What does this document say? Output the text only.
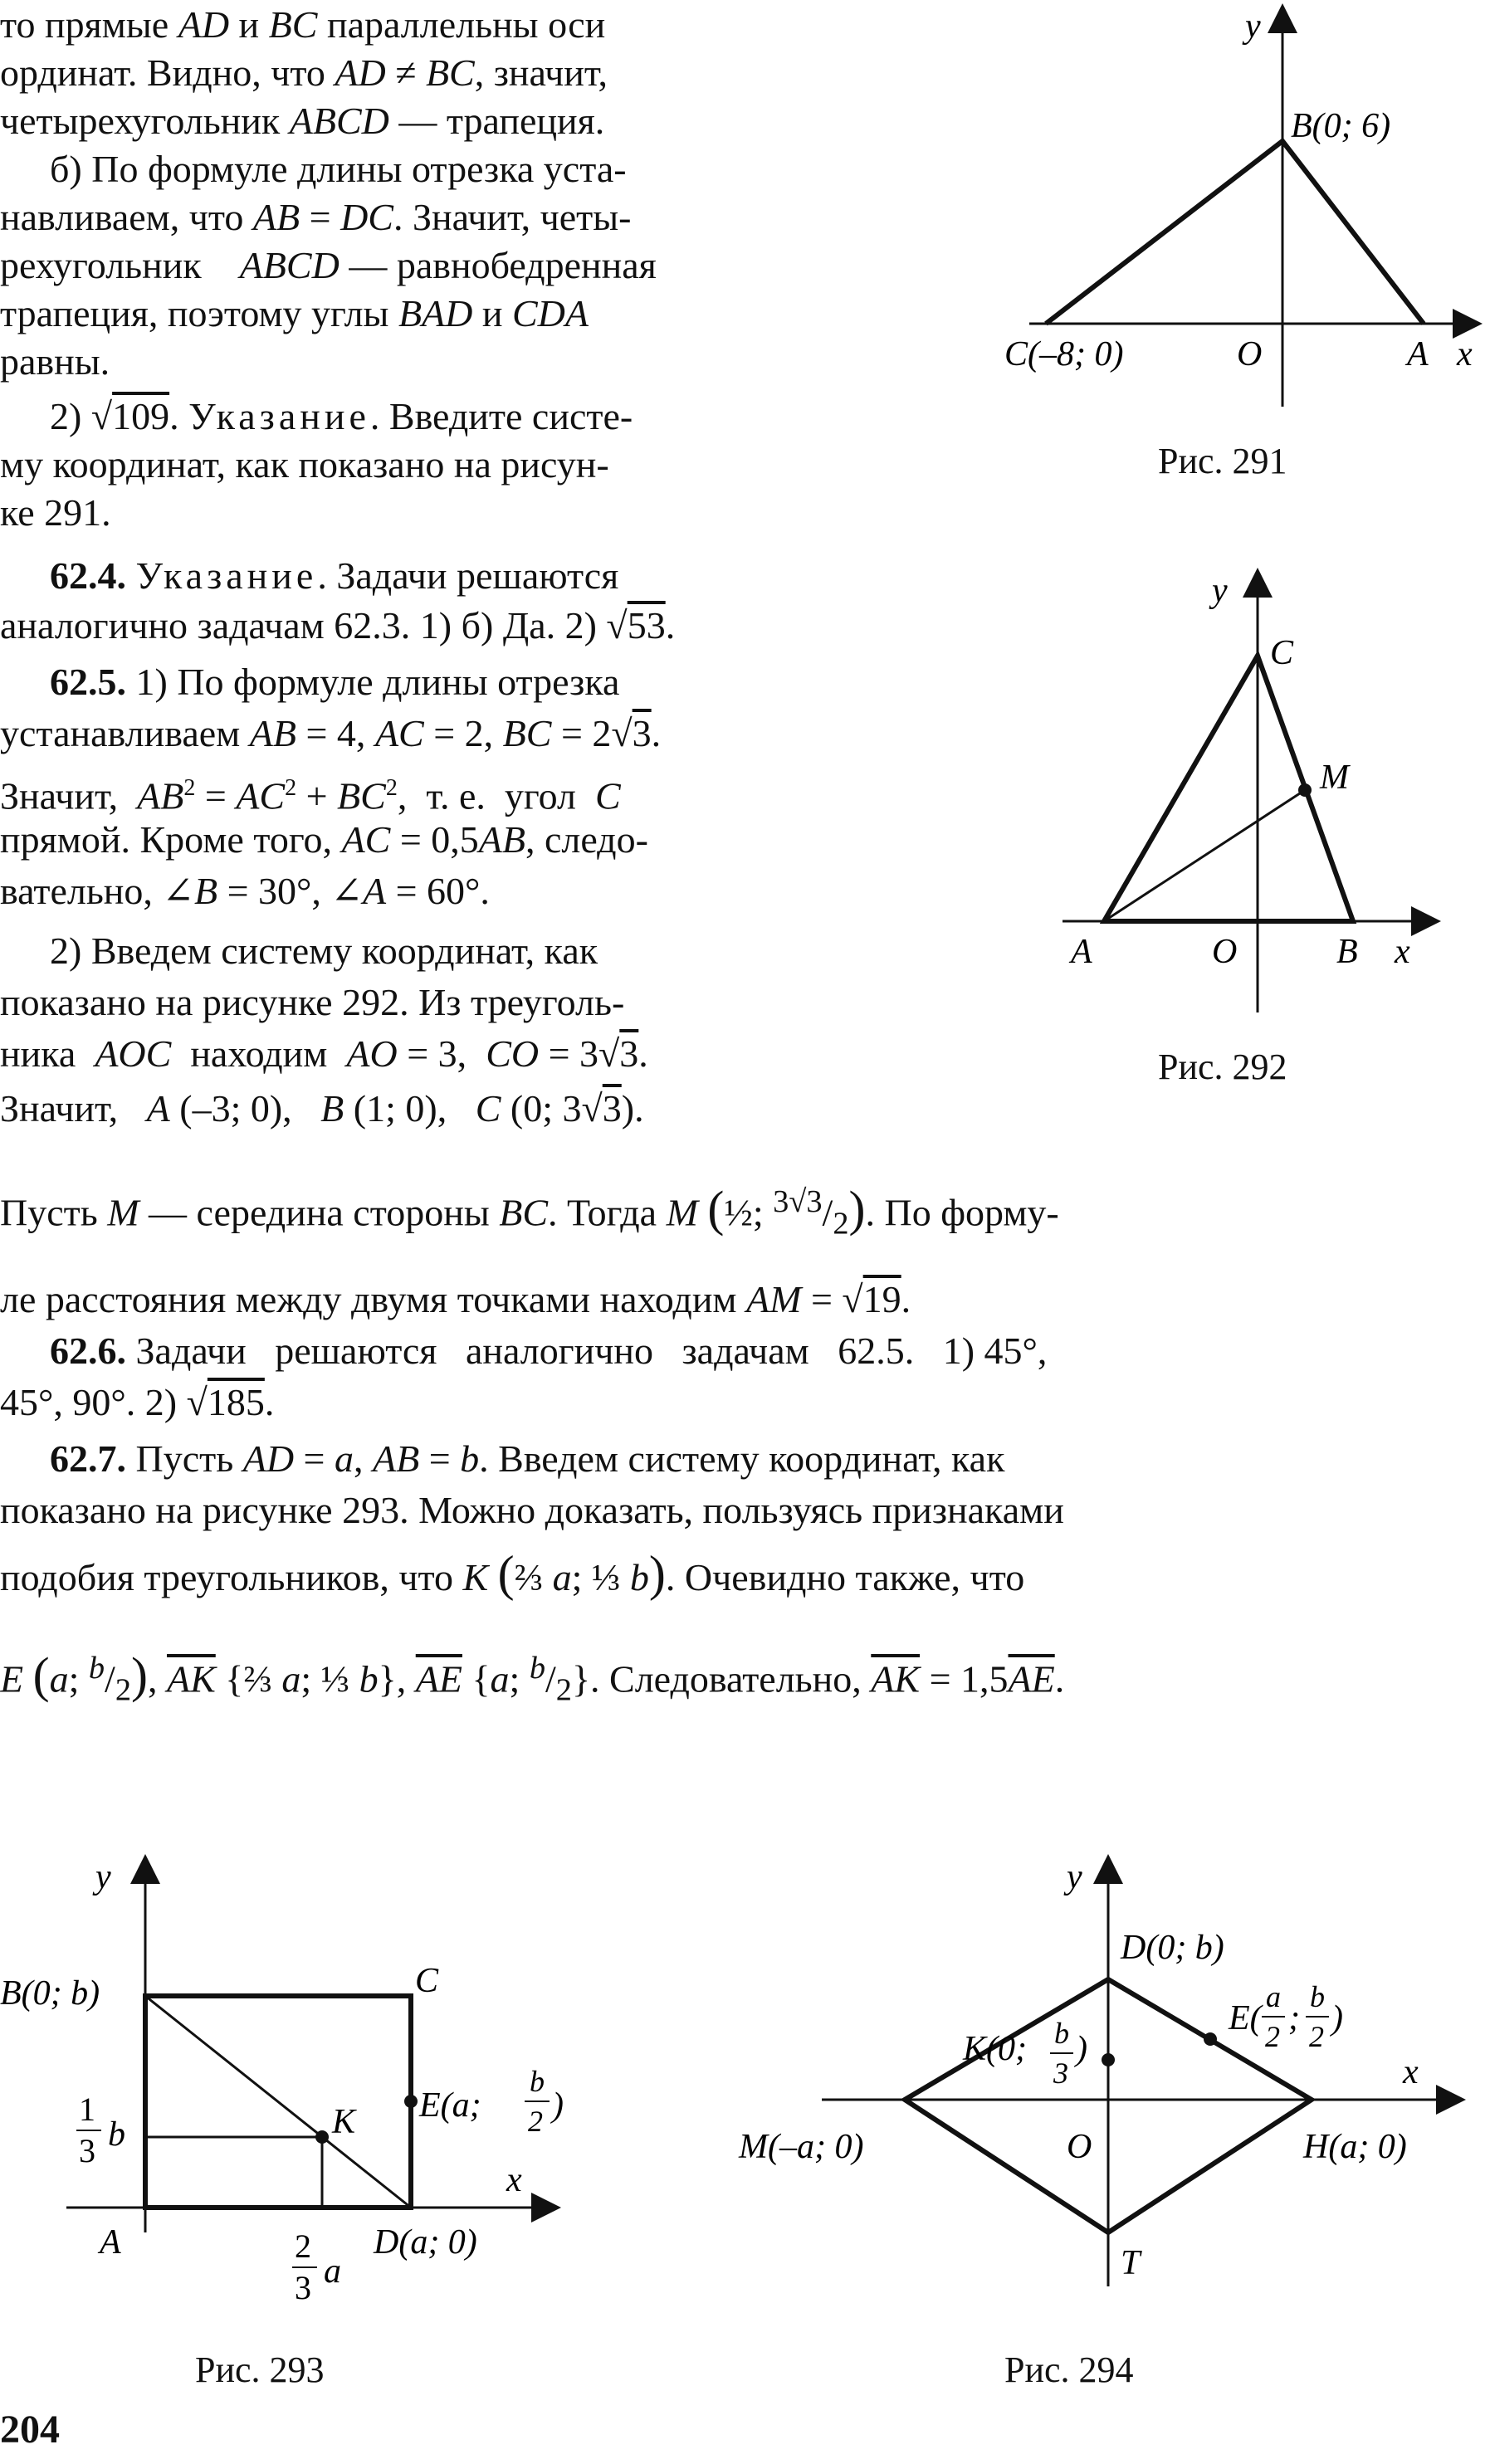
то прямые AD и BC параллельны оси
ординат. Видно, что AD ≠ BC, значит,
четырехугольник ABCD — трапеция.
б) По формуле длины отрезка уста-
навливаем, что AB = DC. Значит, четы-
рехугольник    ABCD — равнобедренная
трапеция, поэтому углы BAD и CDA
равны.
2) √109. Указание. Введите систе-
му координат, как показано на рисун-
ке 291.
62.4. Указание. Задачи решаются
аналогично задачам 62.3. 1) б) Да. 2) √53.
62.5. 1) По формуле длины отрезка
устанавливаем AB = 4, AC = 2, BC = 2√3.
Значит,  $AB^2 = AC^2 + BC^2$,  т. е.  угол  C
прямой. Кроме того, AC = 0,5AB, следо-
вательно, ∠B = 30°, ∠A = 60°.
2) Введем систему координат, как
показано на рисунке 292. Из треуголь-
ника  AOC  находим  AO = 3,  CO = 3√3.
Значит,   A (–3; 0),   B (1; 0),   C (0; 3√3).
Пусть M — середина стороны BC. Тогда M (½; $^{3√3}/_2$). По форму-
ле расстояния между двумя точками находим AM = √19.
62.6. Задачи   решаются   аналогично   задачам   62.5.   1) 45°,
45°, 90°. 2) √185.
62.7. Пусть AD = a, AB = b. Введем систему координат, как
показано на рисунке 293. Можно доказать, пользуясь признаками
подобия треугольников, что K (⅔ a; ⅓ b). Очевидно также, что
E (a; $^b/_2$), $\overline{AK}$ {⅔ a; ⅓ b}, $\overline{AE}$ {a; $^b/_2$}. Следовательно, $\overline{AK} = 1,5\overline{AE}$.
y
x
B(0; 6)
C(–8; 0)	O	A
Рис. 291
y
x
C
M
A	O	B
Рис. 292
y
x
B(0; b)	C
K E(a;
b
2 )
1
3 b
2
3 a
A	D(a; 0)
Рис. 293
y
x
D(0; b)
E(
a
2 ;
b
2 )
K(0; b
3
)
M(–a; 0)	O	H(a; 0)
T
Рис. 294
204
